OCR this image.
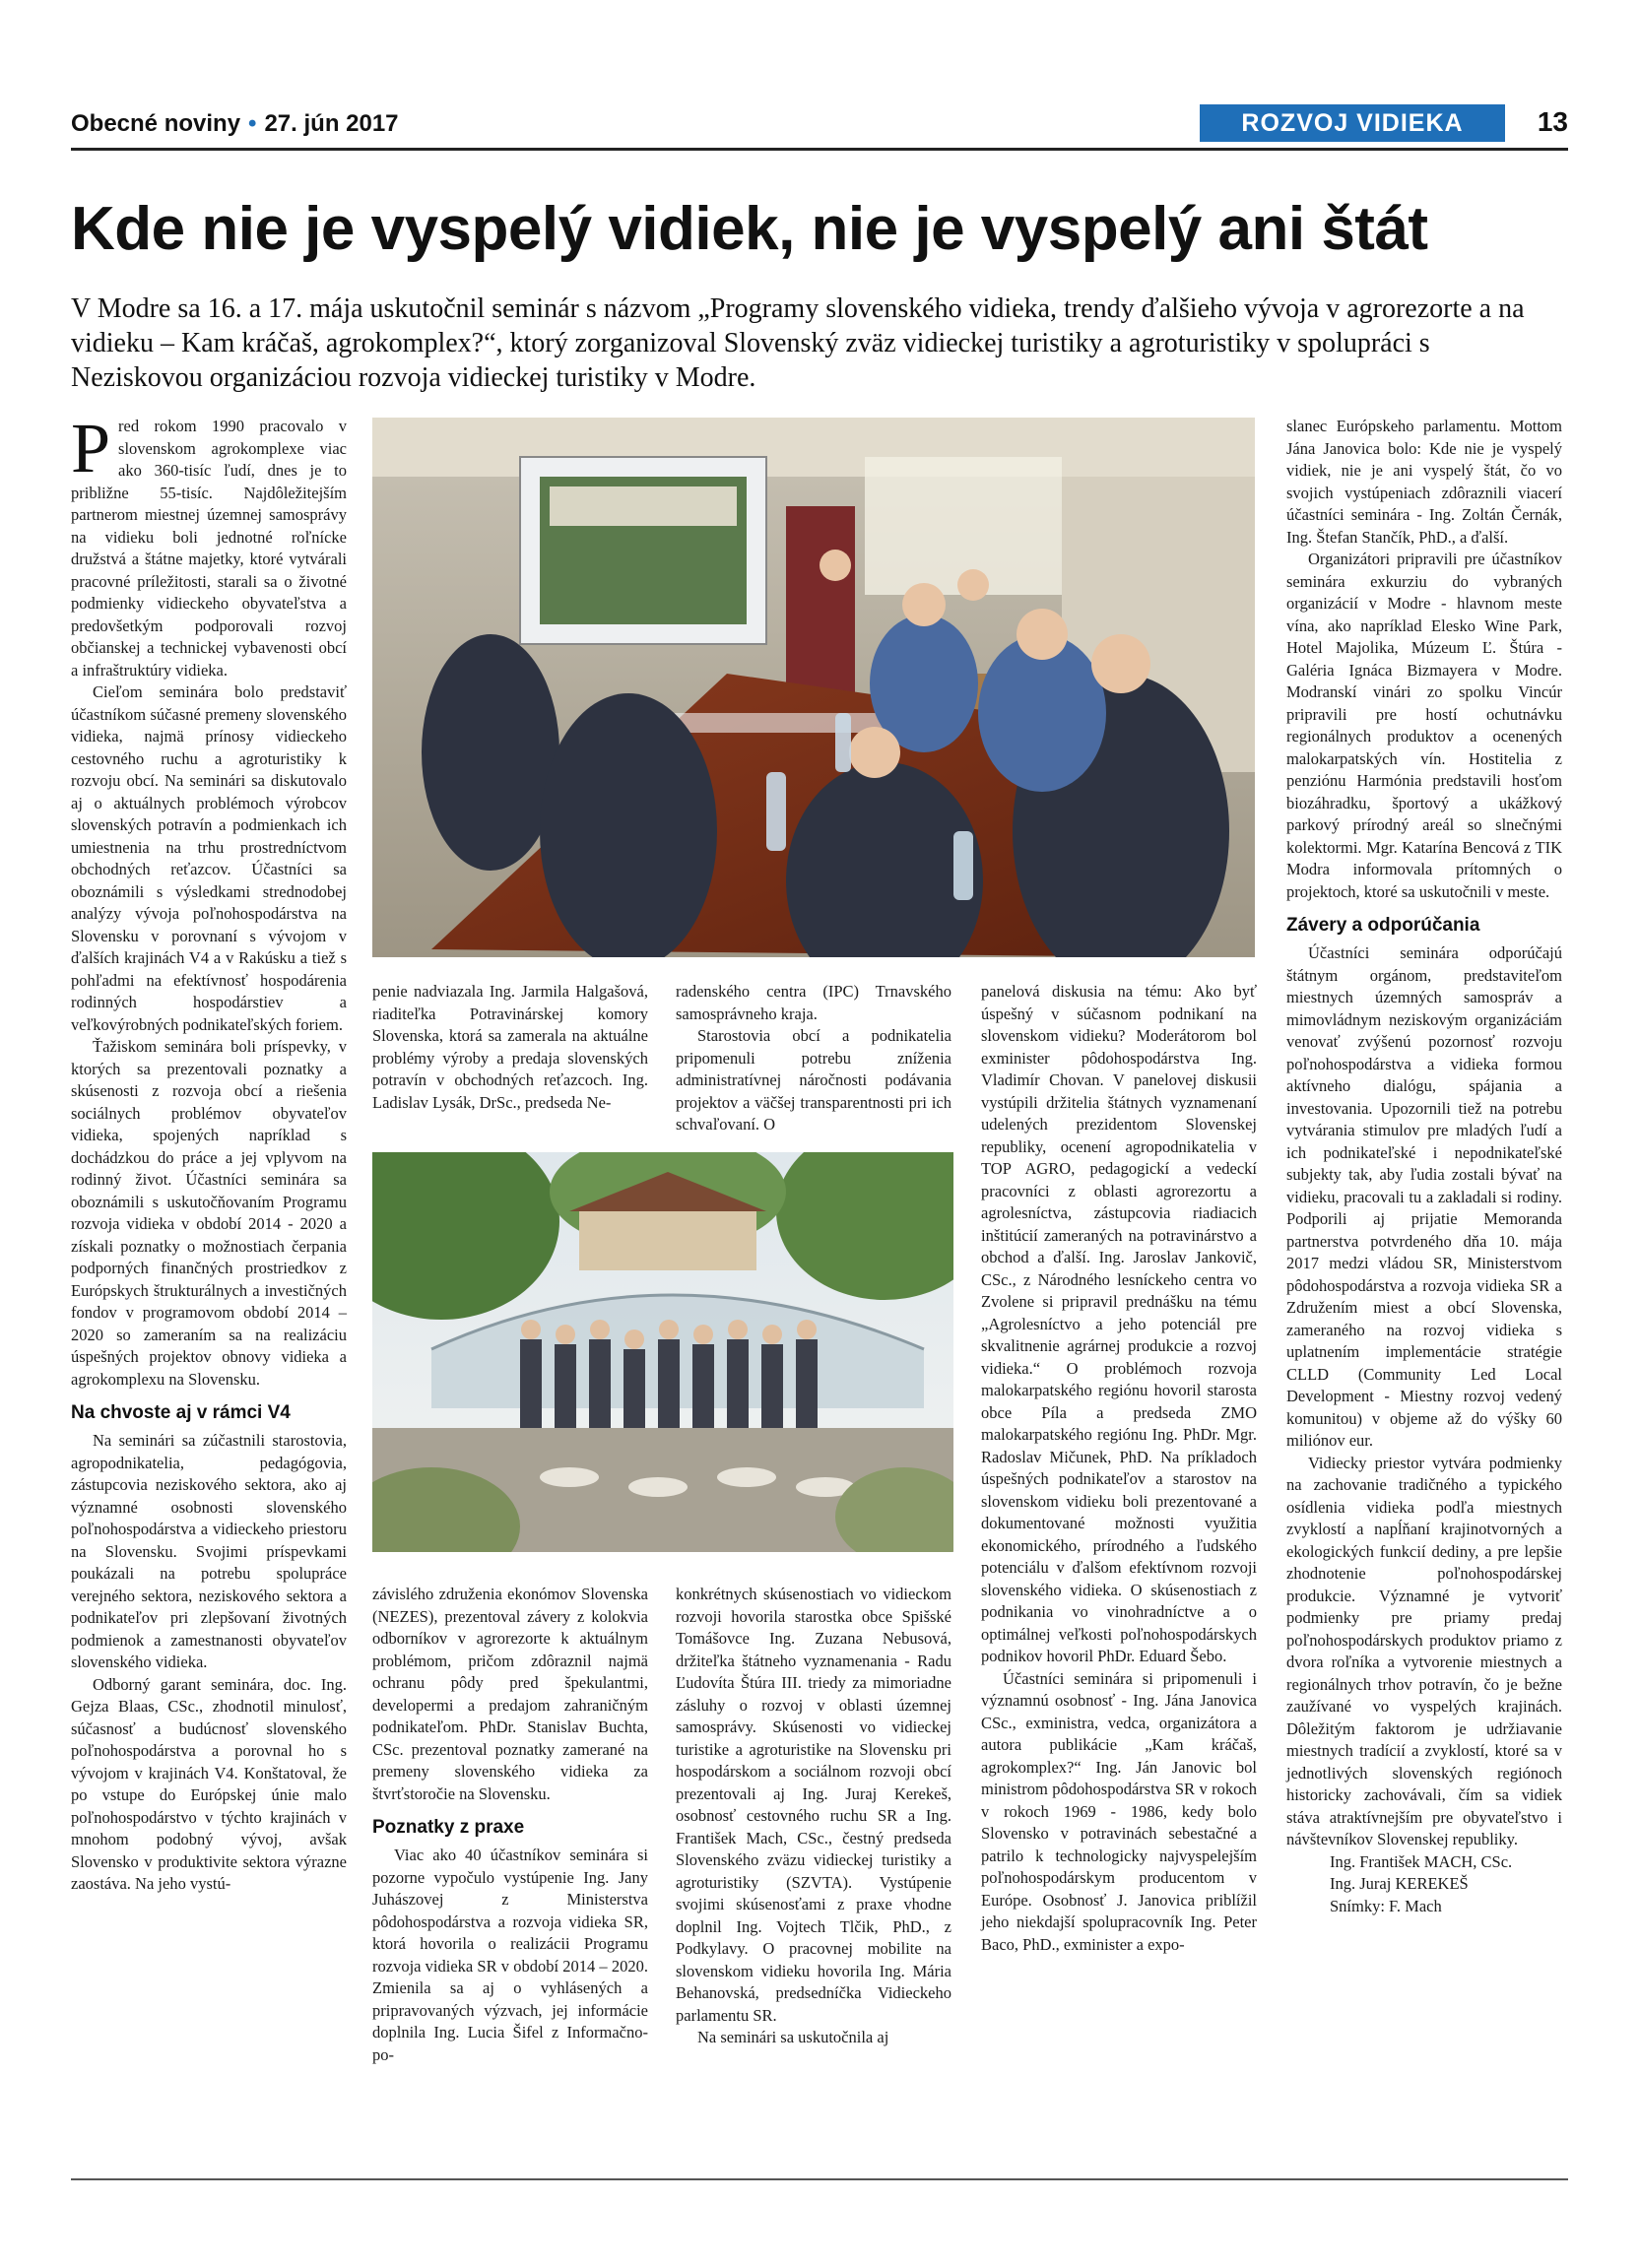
Obecné noviny • 27. jún 2017	ROZVOJ VIDIEKA	13
Kde nie je vyspelý vidiek, nie je vyspelý ani štát

V Modre sa 16. a 17. mája uskutočnil seminár s názvom „Programy slovenského vidieka, trendy ďalšieho vývoja v agrorezorte a na vidieku – Kam kráčaš, agrokomplex?“, ktorý zorganizoval Slovenský zväz vidieckej turistiky a agroturistiky v spolupráci s Neziskovou organizáciou rozvoja vidieckej turistiky v Modre.

Pred rokom 1990 pracovalo v slovenskom agrokomplexe viac ako 360-tisíc ľudí, dnes je to približne 55-tisíc. Najdôležitejším partnerom miestnej územnej samosprávy na vidieku boli jednotné roľnícke družstvá a štátne majetky, ktoré vytvárali pracovné príležitosti, starali sa o životné podmienky vidieckeho obyvateľstva a predovšetkým podporovali rozvoj občianskej a technickej vybavenosti obcí a infraštruktúry vidieka.

Cieľom seminára bolo predstaviť účastníkom súčasné premeny slovenského vidieka, najmä prínosy vidieckeho cestovného ruchu a agroturistiky k rozvoju obcí. Na seminári sa diskutovalo aj o aktuálnych problémoch výrobcov slovenských potravín a podmienkach ich umiestnenia na trhu prostredníctvom obchodných reťazcov. Účastníci sa oboznámili s výsledkami strednodobej analýzy vývoja poľnohospodárstva na Slovensku v porovnaní s vývojom v ďalších krajinách V4 a v Rakúsku a tiež s pohľadmi na efektívnosť hospodárenia rodinných hospodárstiev a veľkovýrobných podnikateľských foriem.

Ťažiskom seminára boli príspevky, v ktorých sa prezentovali poznatky a skúsenosti z rozvoja obcí a riešenia sociálnych problémov obyvateľov vidieka, spojených napríklad s dochádzkou do práce a jej vplyvom na rodinný život. Účastníci seminára sa oboznámili s uskutočňovaním Programu rozvoja vidieka v období 2014 - 2020 a získali poznatky o možnostiach čerpania podporných finančných prostriedkov z Európskych štrukturálnych a investičných fondov v programovom období 2014 – 2020 so zameraním sa na realizáciu úspešných projektov obnovy vidieka a agrokomplexu na Slovensku.

Na chvoste aj v rámci V4

Na seminári sa zúčastnili starostovia, agropodnikatelia, pedagógovia, zástupcovia neziskového sektora, ako aj významné osobnosti slovenského poľnohospodárstva a vidieckeho priestoru na Slovensku. Svojimi príspevkami poukázali na potrebu spolupráce verejného sektora, neziskového sektora a podnikateľov pri zlepšovaní životných podmienok a zamestnanosti obyvateľov slovenského vidieka.

Odborný garant seminára, doc. Ing. Gejza Blaas, CSc., zhodnotil minulosť, súčasnosť a budúcnosť slovenského poľnohospodárstva a porovnal ho s vývojom v krajinách V4. Konštatoval, že po vstupe do Európskej únie malo poľnohospodárstvo v týchto krajinách v mnohom podobný vývoj, avšak Slovensko v produktivite sektora výrazne zaostáva. Na jeho vystú-

penie nadviazala Ing. Jarmila Halgašová, riaditeľka Potravinárskej komory Slovenska, ktorá sa zamerala na aktuálne problémy výroby a predaja slovenských potravín v obchodných reťazcoch. Ing. Ladislav Lysák, DrSc., predseda Ne-

radenského centra (IPC) Trnavského samosprávneho kraja.

Starostovia obcí a podnikatelia pripomenuli potrebu zníženia administratívnej náročnosti podávania projektov a väčšej transparentnosti pri ich schvaľovaní. O

závislého združenia ekonómov Slovenska (NEZES), prezentoval závery z kolokvia odborníkov v agrorezorte k aktuálnym problémom, pričom zdôraznil najmä ochranu pôdy pred špekulantmi, developermi a predajom zahraničným podnikateľom. PhDr. Stanislav Buchta, CSc. prezentoval poznatky zamerané na premeny slovenského vidieka za štvrťstoročie na Slovensku.

Poznatky z praxe

Viac ako 40 účastníkov seminára si pozorne vypočulo vystúpenie Ing. Jany Juhászovej z Ministerstva pôdohospodárstva a rozvoja vidieka SR, ktorá hovorila o realizácii Programu rozvoja vidieka SR v období 2014 – 2020. Zmienila sa aj o vyhlásených a pripravovaných výzvach, jej informácie doplnila Ing. Lucia Šifel z Informačno-po-

konkrétnych skúsenostiach vo vidieckom rozvoji hovorila starostka obce Spišské Tomášovce Ing. Zuzana Nebusová, držiteľka štátneho vyznamenania - Radu Ľudovíta Štúra III. triedy za mimoriadne zásluhy o rozvoj v oblasti územnej samosprávy. Skúsenosti vo vidieckej turistike a agroturistike na Slovensku pri hospodárskom a sociálnom rozvoji obcí prezentovali aj Ing. Juraj Kerekeš, osobnosť cestovného ruchu SR a Ing. František Mach, CSc., čestný predseda Slovenského zväzu vidieckej turistiky a agroturistiky (SZVTA). Vystúpenie svojimi skúsenosťami z praxe vhodne doplnil Ing. Vojtech Tlčik, PhD., z Podkylavy. O pracovnej mobilite na slovenskom vidieku hovorila Ing. Mária Behanovská, predsedníčka Vidieckeho parlamentu SR.

Na seminári sa uskutočnila aj

panelová diskusia na tému: Ako byť úspešný v súčasnom podnikaní na slovenskom vidieku? Moderátorom bol exminister pôdohospodárstva Ing. Vladimír Chovan. V panelovej diskusii vystúpili držitelia štátnych vyznamenaní udelených prezidentom Slovenskej republiky, ocenení agropodnikatelia v TOP AGRO, pedagogickí a vedeckí pracovníci z oblasti agrorezortu a agrolesníctva, zástupcovia riadiacich inštitúcií zameraných na potravinárstvo a obchod a ďalší. Ing. Jaroslav Jankovič, CSc., z Národného lesníckeho centra vo Zvolene si pripravil prednášku na tému „Agrolesníctvo a jeho potenciál pre skvalitnenie agrárnej produkcie a rozvoj vidieka.“ O problémoch rozvoja malokarpatského regiónu hovoril starosta obce Píla a predseda ZMO malokarpatského regiónu Ing. PhDr. Mgr. Radoslav Mičunek, PhD. Na príkladoch úspešných podnikateľov a starostov na slovenskom vidieku boli prezentované a dokumentované možnosti využitia ekonomického, prírodného a ľudského potenciálu v ďalšom efektívnom rozvoji slovenského vidieka. O skúsenostiach z podnikania vo vinohradníctve a o optimálnej veľkosti poľnohospodárskych podnikov hovoril PhDr. Eduard Šebo.

Účastníci seminára si pripomenuli i významnú osobnosť - Ing. Jána Janovica CSc., exministra, vedca, organizátora a autora publikácie „Kam kráčaš, agrokomplex?“ Ing. Ján Janovic bol ministrom pôdohospodárstva SR v rokoch v rokoch 1969 - 1986, kedy bolo Slovensko v potravinách sebestačné a patrilo k technologicky najvyspelejším poľnohospodárskym producentom v Európe. Osobnosť J. Janovica priblížil jeho niekdajší spolupracovník Ing. Peter Baco, PhD., exminister a expo-

slanec Európskeho parlamentu. Mottom Jána Janovica bolo: Kde nie je vyspelý vidiek, nie je ani vyspelý štát, čo vo svojich vystúpeniach zdôraznili viacerí účastníci seminára - Ing. Zoltán Černák, Ing. Štefan Stančík, PhD., a ďalší.

Organizátori pripravili pre účastníkov seminára exkurziu do vybraných organizácií v Modre - hlavnom meste vína, ako napríklad Elesko Wine Park, Hotel Majolika, Múzeum Ľ. Štúra - Galéria Ignáca Bizmayera v Modre. Modranskí vinári zo spolku Vincúr pripravili pre hostí ochutnávku regionálnych produktov a ocenených malokarpatských vín. Hostitelia z penziónu Harmónia predstavili hosťom biozáhradku, športový a ukážkový parkový prírodný areál so slnečnými kolektormi. Mgr. Katarína Bencová z TIK Modra informovala prítomných o projektoch, ktoré sa uskutočnili v meste.

Závery a odporúčania

Účastníci seminára odporúčajú štátnym orgánom, predstaviteľom miestnych územných samospráv a mimovládnym neziskovým organizáciám venovať zvýšenú pozornosť rozvoju poľnohospodárstva a vidieka formou aktívneho dialógu, spájania a investovania. Upozornili tiež na potrebu vytvárania stimulov pre mladých ľudí a ich podnikateľské i nepodnikateľské subjekty tak, aby ľudia zostali bývať na vidieku, pracovali tu a zakladali si rodiny. Podporili aj prijatie Memoranda partnerstva potvrdeného dňa 10. mája 2017 medzi vládou SR, Ministerstvom pôdohospodárstva a rozvoja vidieka SR a Združením miest a obcí Slovenska, zameraného na rozvoj vidieka s uplatnením implementácie stratégie CLLD (Community Led Local Development - Miestny rozvoj vedený komunitou) v objeme až do výšky 60 miliónov eur.

Vidiecky priestor vytvára podmienky na zachovanie tradičného a typického osídlenia vidieka podľa miestnych zvyklostí a napĺňaní krajinotvorných a ekologických funkcií dediny, a pre lepšie zhodnotenie poľnohospodárskej produkcie. Významné je vytvoriť podmienky pre priamy predaj poľnohospodárskych produktov priamo z dvora roľníka a vytvorenie miestnych a regionálnych trhov potravín, čo je bežne zaužívané vo vyspelých krajinách. Dôležitým faktorom je udržiavanie miestnych tradícií a zvyklostí, ktoré sa v jednotlivých slovenských regiónoch historicky zachovávali, čím sa vidiek stáva atraktívnejším pre obyvateľstvo i návštevníkov Slovenskej republiky.

Ing. František MACH, CSc.

Ing. Juraj KEREKEŠ

Snímky: F. Mach
